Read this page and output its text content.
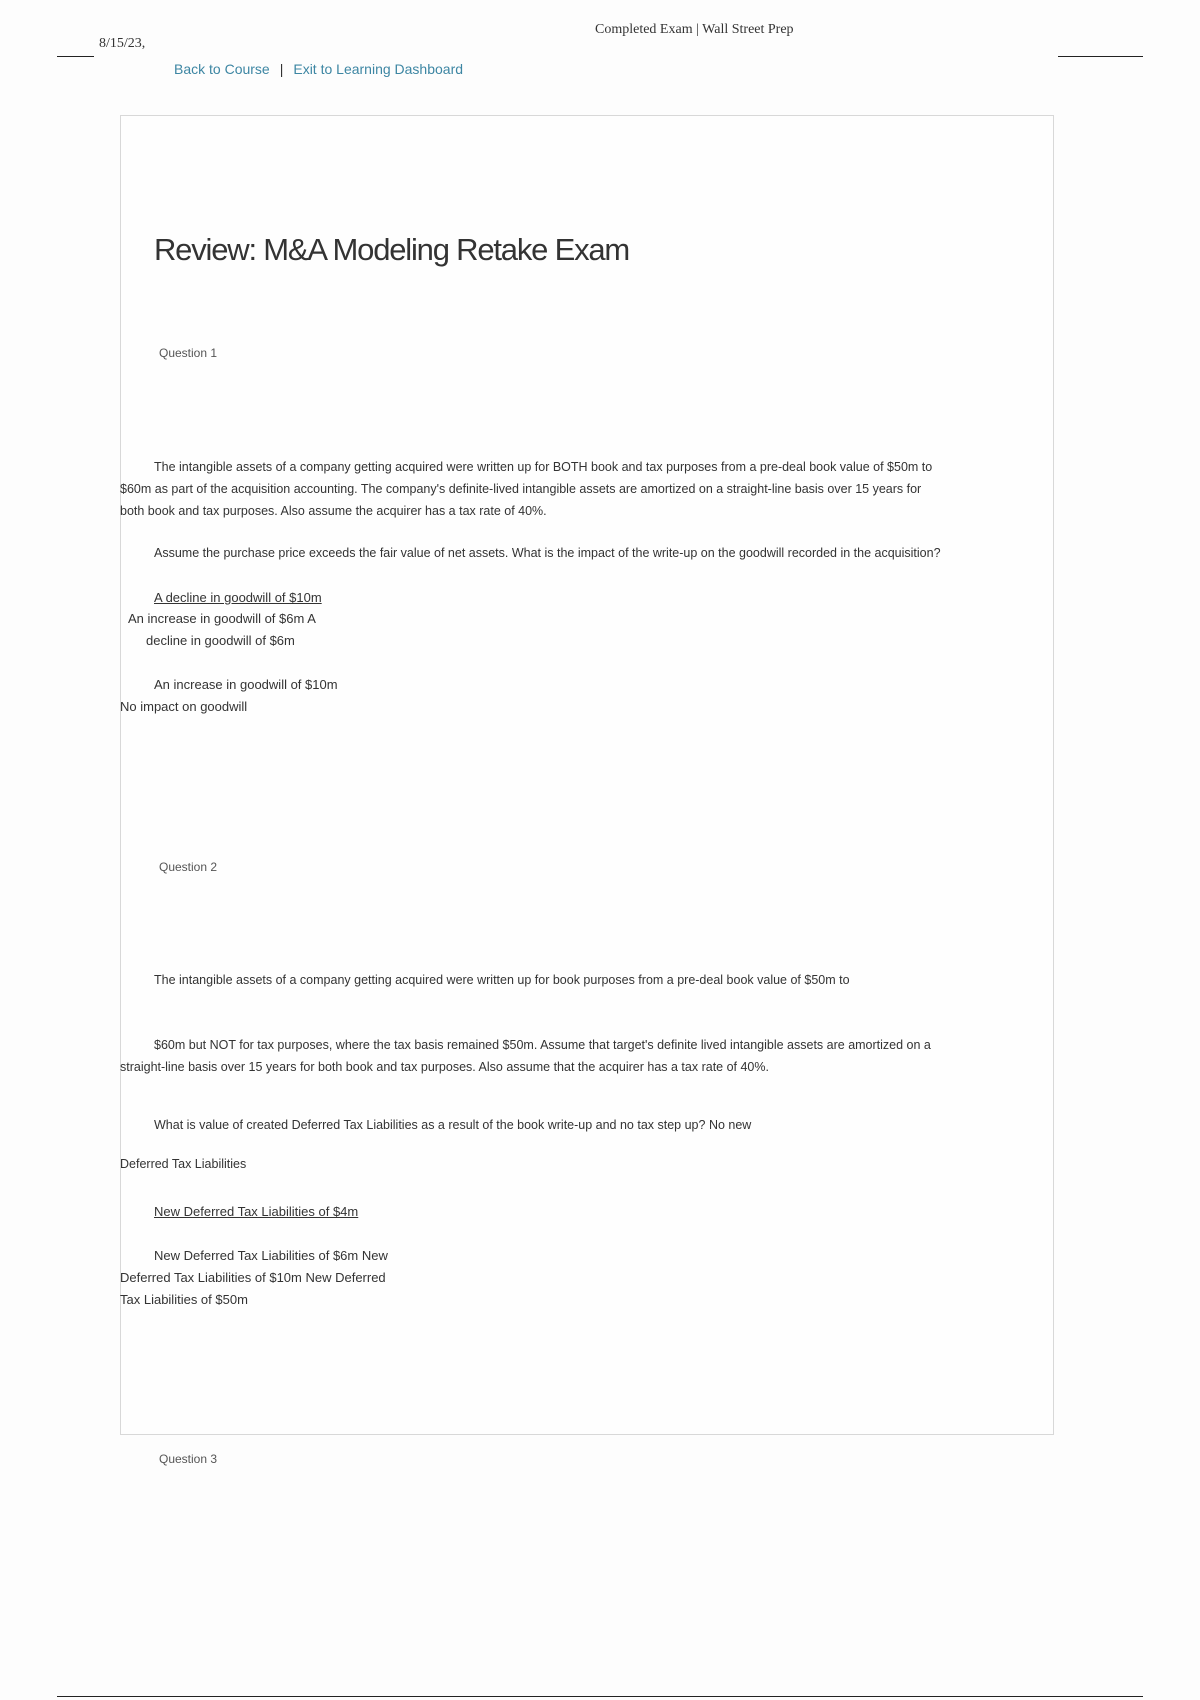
8/15/23,
Completed Exam | Wall Street Prep
Back to Course | Exit to Learning Dashboard
Review: M&A Modeling Retake Exam
Question 1
The intangible assets of a company getting acquired were written up for BOTH book and tax purposes from a pre-deal book value of $50m to
$60m as part of the acquisition accounting. The company's definite-lived intangible assets are amortized on a straight-line basis over 15 years for
both book and tax purposes. Also assume the acquirer has a tax rate of 40%.
Assume the purchase price exceeds the fair value of net assets. What is the impact of the write-up on the goodwill recorded in the acquisition?
A decline in goodwill of $10m
An increase in goodwill of $6m A
decline in goodwill of $6m
An increase in goodwill of $10m
No impact on goodwill
Question 2
The intangible assets of a company getting acquired were written up for book purposes from a pre-deal book value of $50m to
$60m but NOT for tax purposes, where the tax basis remained $50m. Assume that target's definite lived intangible assets are amortized on a
straight-line basis over 15 years for both book and tax purposes. Also assume that the acquirer has a tax rate of 40%.
What is value of created Deferred Tax Liabilities as a result of the book write-up and no tax step up? No new
Deferred Tax Liabilities
New Deferred Tax Liabilities of $4m
New Deferred Tax Liabilities of $6m New
Deferred Tax Liabilities of $10m New Deferred
Tax Liabilities of $50m
Question 3
